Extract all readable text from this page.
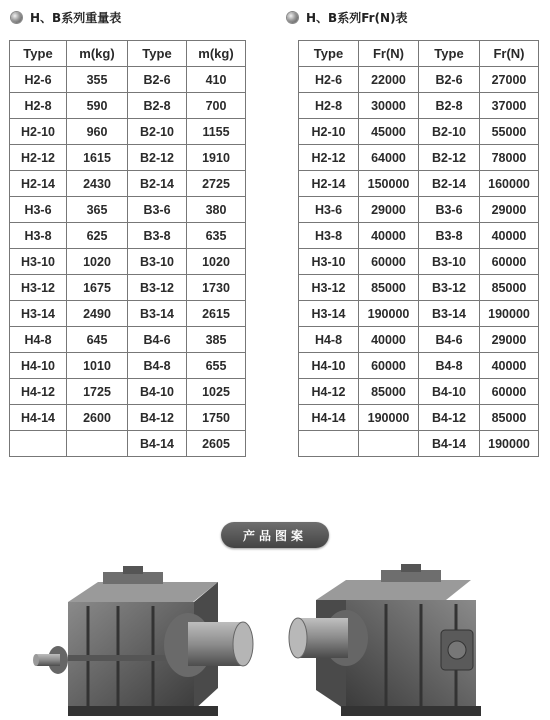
H、B系列重量表	H、B系列Fr(N)表
Type	m(kg)	Type	m(kg)
H2-6	355	B2-6	410
H2-8	590	B2-8	700
H2-10	960	B2-10	1155
H2-12	1615	B2-12	1910
H2-14	2430	B2-14	2725
H3-6	365	B3-6	380
H3-8	625	B3-8	635
H3-10	1020	B3-10	1020
H3-12	1675	B3-12	1730
H3-14	2490	B3-14	2615
H4-8	645	B4-6	385
H4-10	1010	B4-8	655
H4-12	1725	B4-10	1025
H4-14	2600	B4-12	1750
		B4-14	2605
Type	Fr(N)	Type	Fr(N)
H2-6	22000	B2-6	27000
H2-8	30000	B2-8	37000
H2-10	45000	B2-10	55000
H2-12	64000	B2-12	78000
H2-14	150000	B2-14	160000
H3-6	29000	B3-6	29000
H3-8	40000	B3-8	40000
H3-10	60000	B3-10	60000
H3-12	85000	B3-12	85000
H3-14	190000	B3-14	190000
H4-8	40000	B4-6	29000
H4-10	60000	B4-8	40000
H4-12	85000	B4-10	60000
H4-14	190000	B4-12	85000
		B4-14	190000
产品图案
